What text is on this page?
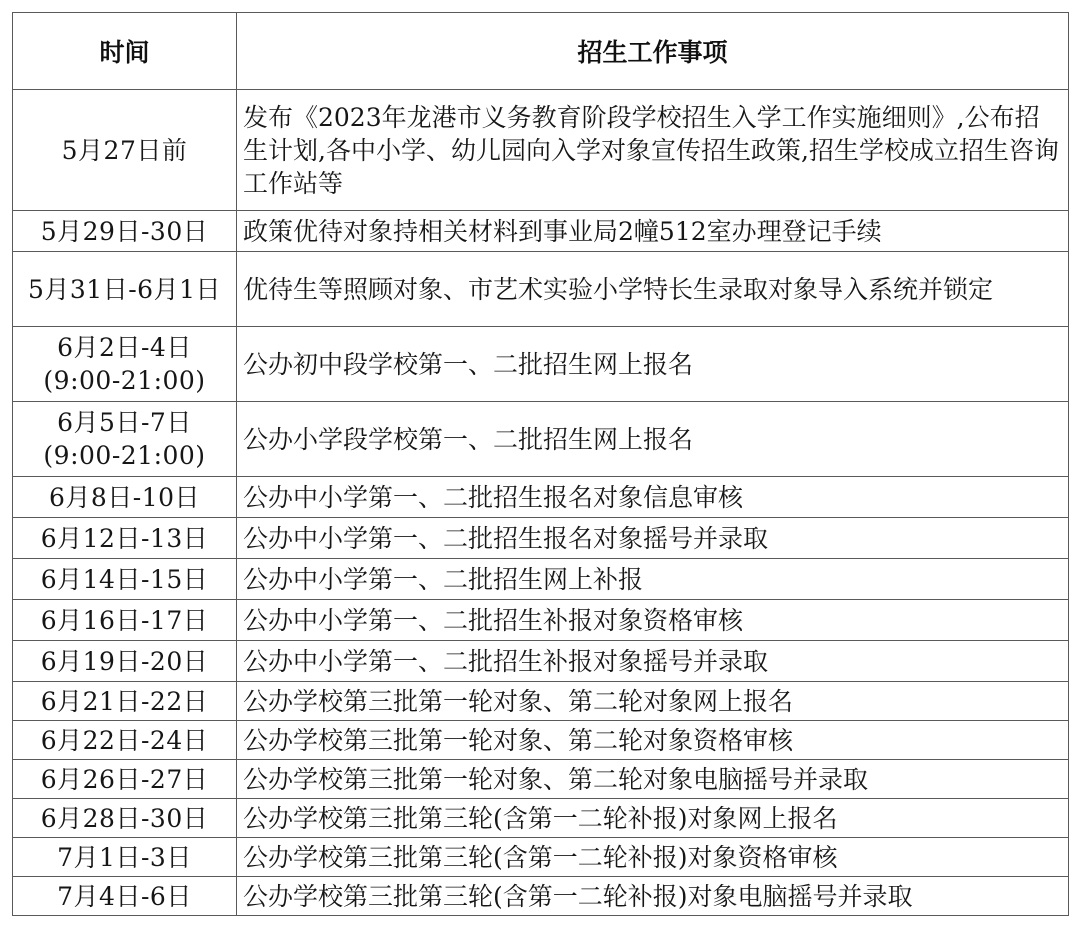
时间	招生工作事项
5月27日前	发布《2023年龙港市义务教育阶段学校招生入学工作实施细则》,公布招生计划,各中小学、幼儿园向入学对象宣传招生政策,招生学校成立招生咨询工作站等
5月29日-30日	政策优待对象持相关材料到事业局2幢512室办理登记手续
5月31日-6月1日	优待生等照顾对象、市艺术实验小学特长生录取对象导入系统并锁定
6月2日-4日
(9:00-21:00)	公办初中段学校第一、二批招生网上报名
6月5日-7日
(9:00-21:00)	公办小学段学校第一、二批招生网上报名
6月8日-10日	公办中小学第一、二批招生报名对象信息审核
6月12日-13日	公办中小学第一、二批招生报名对象摇号并录取
6月14日-15日	公办中小学第一、二批招生网上补报
6月16日-17日	公办中小学第一、二批招生补报对象资格审核
6月19日-20日	公办中小学第一、二批招生补报对象摇号并录取
6月21日-22日	公办学校第三批第一轮对象、第二轮对象网上报名
6月22日-24日	公办学校第三批第一轮对象、第二轮对象资格审核
6月26日-27日	公办学校第三批第一轮对象、第二轮对象电脑摇号并录取
6月28日-30日	公办学校第三批第三轮(含第一二轮补报)对象网上报名
7月1日-3日	公办学校第三批第三轮(含第一二轮补报)对象资格审核
7月4日-6日	公办学校第三批第三轮(含第一二轮补报)对象电脑摇号并录取
